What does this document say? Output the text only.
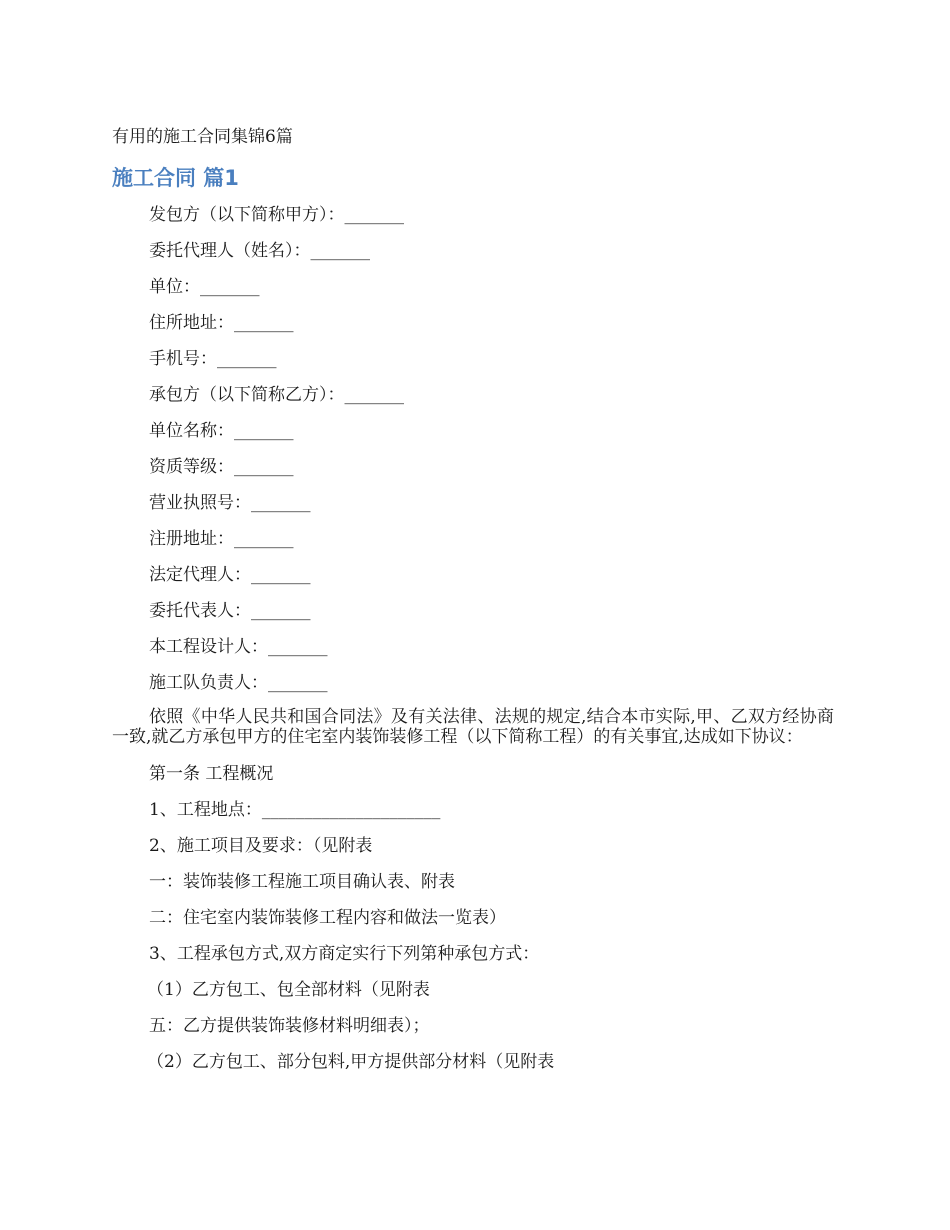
有用的施工合同集锦6篇
施工合同 篇1
发包方（以下简称甲方）：_______
委托代理人（姓名）：_______
单位：_______
住所地址：_______
手机号：_______
承包方（以下简称乙方）：_______
单位名称：_______
资质等级：_______
营业执照号：_______
注册地址：_______
法定代理人：_______
委托代表人：_______
本工程设计人：_______
施工队负责人：_______
依照《中华人民共和国合同法》及有关法律、法规的规定,结合本市实际,甲、乙双方经协商一致,就乙方承包甲方的住宅室内装饰装修工程（以下简称工程）的有关事宜,达成如下协议：
第一条 工程概况
1、工程地点：_____________________
2、施工项目及要求：（见附表
一：装饰装修工程施工项目确认表、附表
二：住宅室内装饰装修工程内容和做法一览表）
3、工程承包方式,双方商定实行下列第种承包方式：
（1）乙方包工、包全部材料（见附表
五：乙方提供装饰装修材料明细表）；
（2）乙方包工、部分包料,甲方提供部分材料（见附表
